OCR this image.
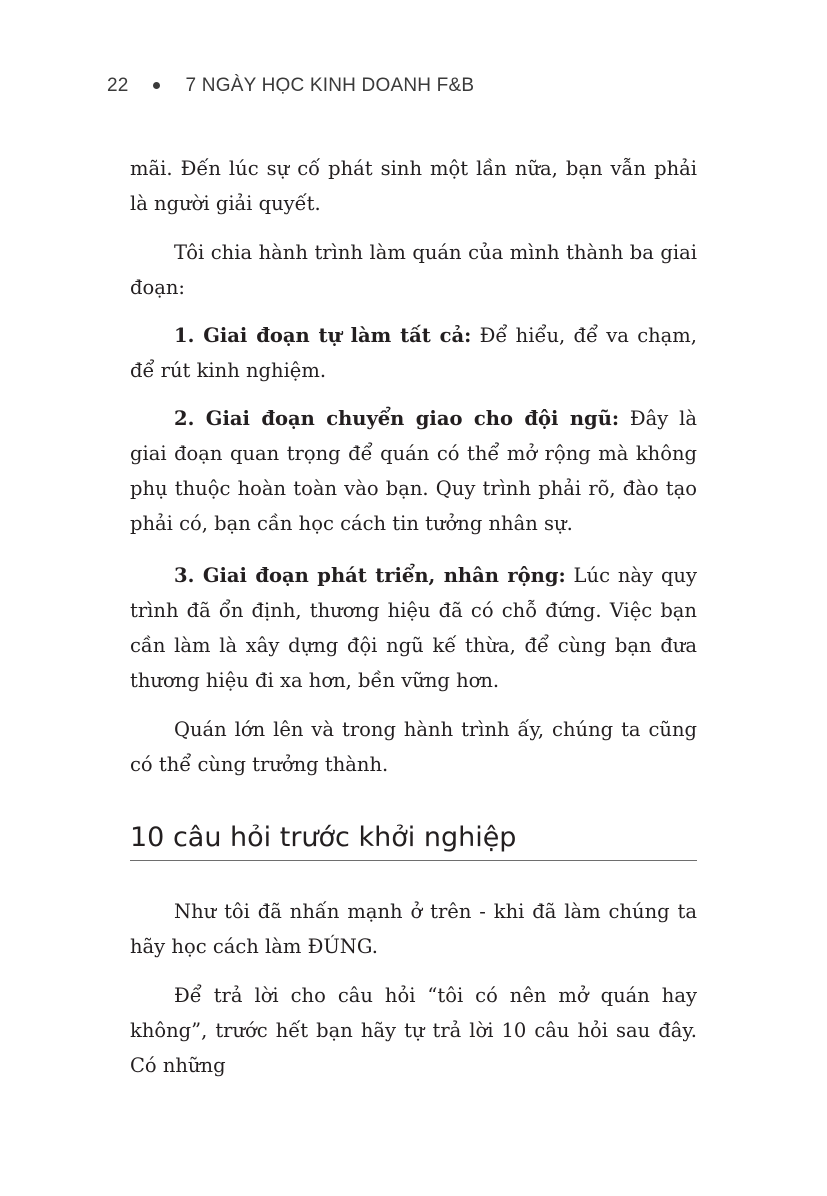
22	7 NGÀY HỌC KINH DOANH F&B

mãi. Đến lúc sự cố phát sinh một lần nữa, bạn vẫn phải là người giải quyết.

Tôi chia hành trình làm quán của mình thành ba giai đoạn:

1. Giai đoạn tự làm tất cả: Để hiểu, để va chạm, để rút kinh nghiệm.

2. Giai đoạn chuyển giao cho đội ngũ: Đây là giai đoạn quan trọng để quán có thể mở rộng mà không phụ thuộc hoàn toàn vào bạn. Quy trình phải rõ, đào tạo phải có, bạn cần học cách tin tưởng nhân sự.

3. Giai đoạn phát triển, nhân rộng: Lúc này quy trình đã ổn định, thương hiệu đã có chỗ đứng. Việc bạn cần làm là xây dựng đội ngũ kế thừa, để cùng bạn đưa thương hiệu đi xa hơn, bền vững hơn.

Quán lớn lên và trong hành trình ấy, chúng ta cũng có thể cùng trưởng thành.

10 câu hỏi trước khởi nghiệp

Như tôi đã nhấn mạnh ở trên - khi đã làm chúng ta hãy học cách làm ĐÚNG.

Để trả lời cho câu hỏi “tôi có nên mở quán hay không”, trước hết bạn hãy tự trả lời 10 câu hỏi sau đây. Có những
